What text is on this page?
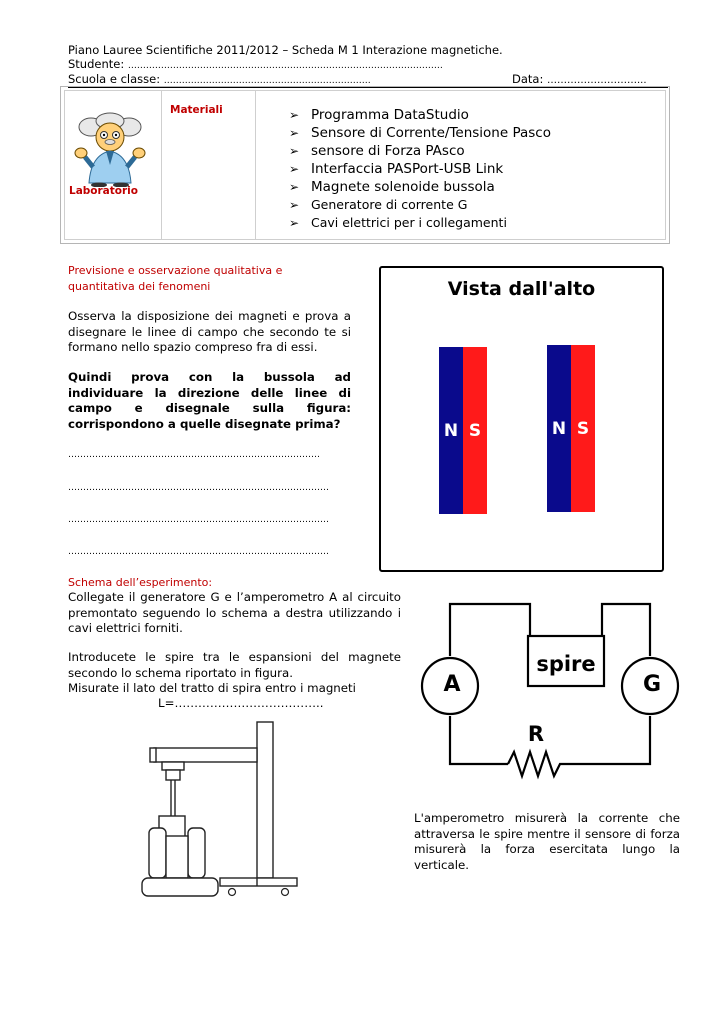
Piano Lauree Scientifiche 2011/2012 – Scheda M 1 Interazione magnetiche.
Studente: ……………………………………………………………………………………………
Scuola e classe: ……………………………………………………………	Data: ………………………...
Laboratorio
Materiali	➢ Programma DataStudio
➢ Sensore di Corrente/Tensione Pasco
➢ sensore di Forza PAsco
➢ Interfaccia PASPort-USB Link
➢ Magnete solenoide bussola
➢ Generatore di corrente G
➢ Cavi elettrici per i collegamenti
Previsione e osservazione qualitativa e quantitativa dei fenomeni
Osserva la disposizione dei magneti e prova a disegnare le linee di campo che secondo te si formano nello spazio compreso fra di essi.
Quindi prova con la bussola ad individuare la direzione delle linee di campo e disegnale sulla figura: corrispondono a quelle disegnate prima?
…………………………………………………………………………
……………………………………………………………………………
……………………………………………………………………………
……………………………………………………………………………
Vista dall'alto
N S	N S
Schema dell’esperimento:
Collegate il generatore G e l’amperometro A al circuito premontato seguendo lo schema a destra utilizzando i cavi elettrici forniti.
Introducete le spire tra le espansioni del magnete secondo lo schema riportato in figura.
Misurate il lato del tratto di spira entro i magneti
L=………………………………..
A	G
spire
R
L'amperometro misurerà la corrente che attraversa le spire mentre il sensore di forza misurerà la forza esercitata lungo la verticale.
